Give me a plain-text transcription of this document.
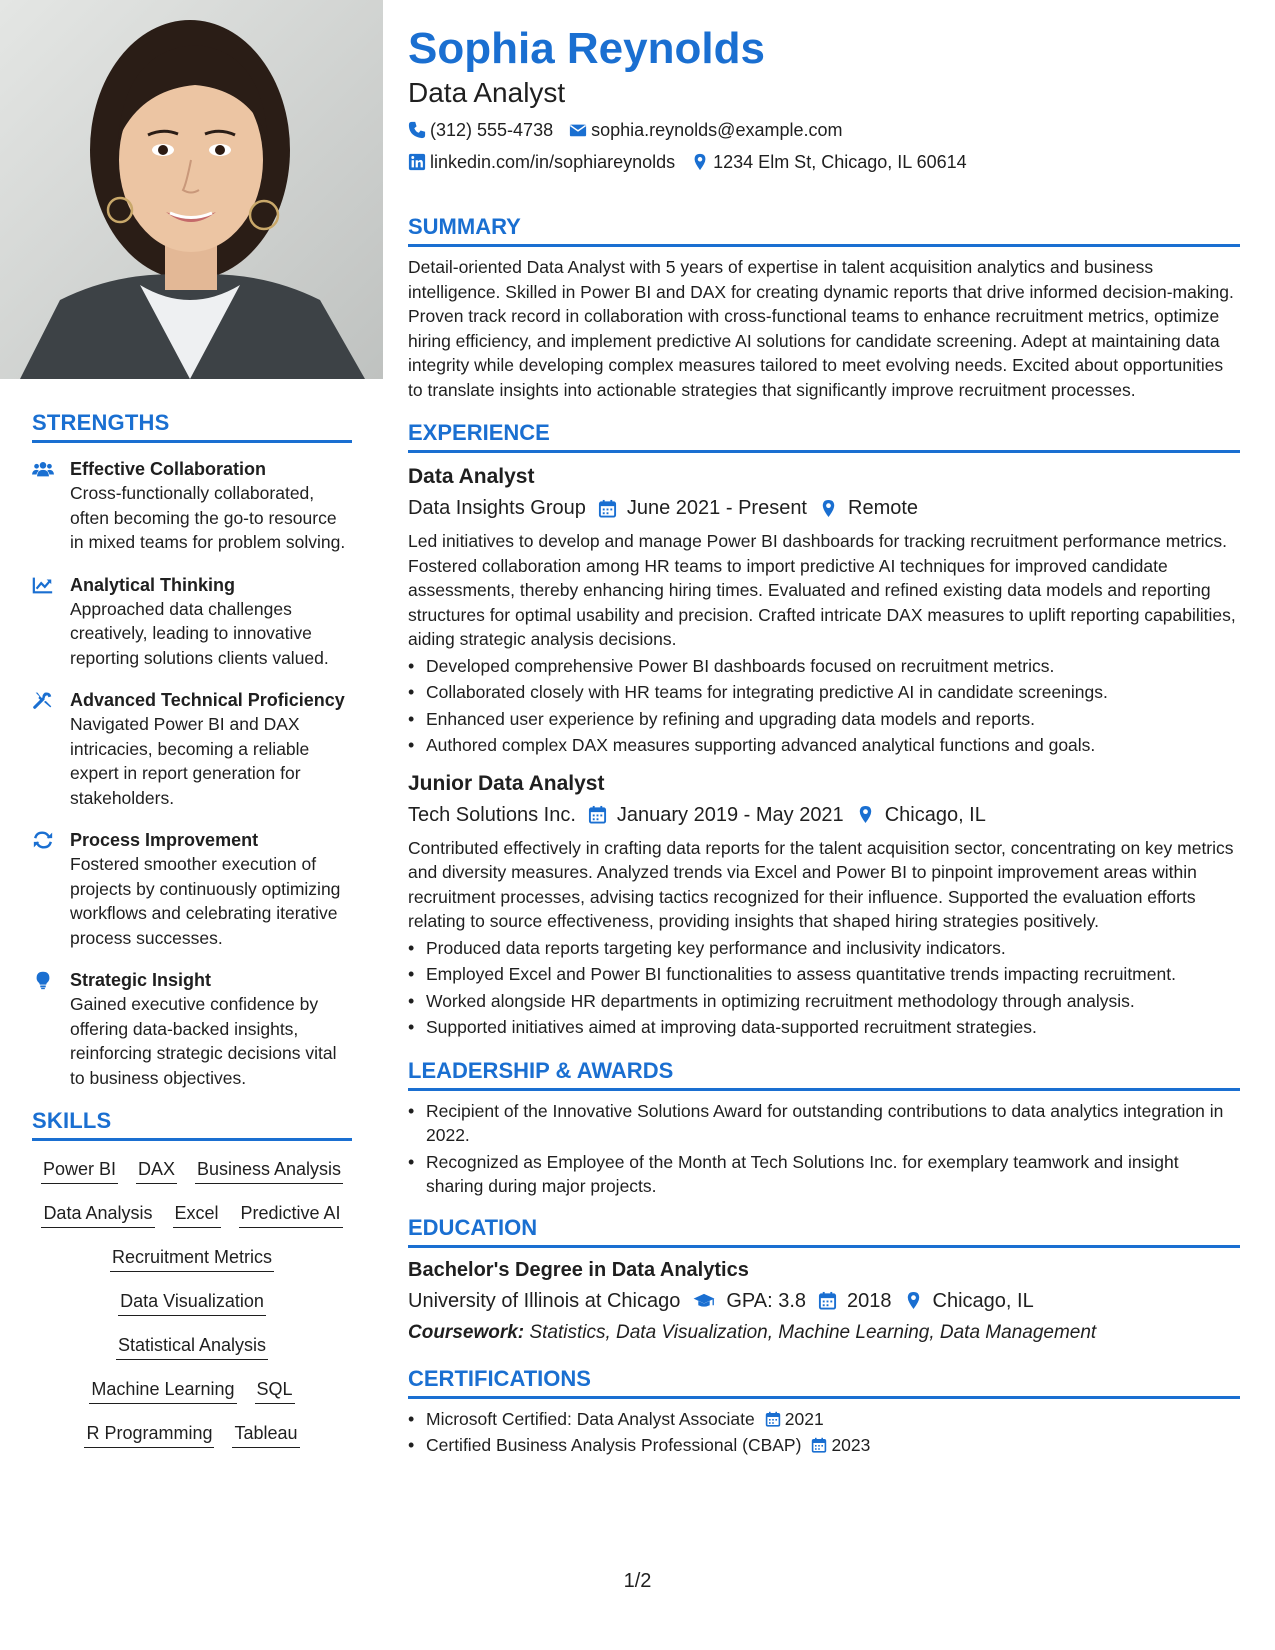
STRENGTHS
Effective Collaboration
Cross-functionally collaborated, often becoming the go-to resource in mixed teams for problem solving.
Analytical Thinking
Approached data challenges creatively, leading to innovative reporting solutions clients valued.
Advanced Technical Proficiency
Navigated Power BI and DAX intricacies, becoming a reliable expert in report generation for stakeholders.
Process Improvement
Fostered smoother execution of projects by continuously optimizing workflows and celebrating iterative process successes.
Strategic Insight
Gained executive confidence by offering data-backed insights, reinforcing strategic decisions vital to business objectives.
SKILLS
Power BI DAX Business Analysis
Data Analysis Excel Predictive AI
Recruitment Metrics
Data Visualization
Statistical Analysis
Machine Learning SQL
R Programming Tableau
Sophia Reynolds
Data Analyst
(312) 555-4738 sophia.reynolds@example.com
linkedin.com/in/sophiareynolds 1234 Elm St, Chicago, IL 60614
SUMMARY
Detail-oriented Data Analyst with 5 years of expertise in talent acquisition analytics and business intelligence. Skilled in Power BI and DAX for creating dynamic reports that drive informed decision-making. Proven track record in collaboration with cross-functional teams to enhance recruitment metrics, optimize hiring efficiency, and implement predictive AI solutions for candidate screening. Adept at maintaining data integrity while developing complex measures tailored to meet evolving needs. Excited about opportunities to translate insights into actionable strategies that significantly improve recruitment processes.
EXPERIENCE
Data Analyst
Data Insights Group June 2021 - Present Remote
Led initiatives to develop and manage Power BI dashboards for tracking recruitment performance metrics. Fostered collaboration among HR teams to import predictive AI techniques for improved candidate assessments, thereby enhancing hiring times. Evaluated and refined existing data models and reporting structures for optimal usability and precision. Crafted intricate DAX measures to uplift reporting capabilities, aiding strategic analysis decisions.
• Developed comprehensive Power BI dashboards focused on recruitment metrics.
• Collaborated closely with HR teams for integrating predictive AI in candidate screenings.
• Enhanced user experience by refining and upgrading data models and reports.
• Authored complex DAX measures supporting advanced analytical functions and goals.
Junior Data Analyst
Tech Solutions Inc. January 2019 - May 2021 Chicago, IL
Contributed effectively in crafting data reports for the talent acquisition sector, concentrating on key metrics and diversity measures. Analyzed trends via Excel and Power BI to pinpoint improvement areas within recruitment processes, advising tactics recognized for their influence. Supported the evaluation efforts relating to source effectiveness, providing insights that shaped hiring strategies positively.
• Produced data reports targeting key performance and inclusivity indicators.
• Employed Excel and Power BI functionalities to assess quantitative trends impacting recruitment.
• Worked alongside HR departments in optimizing recruitment methodology through analysis.
• Supported initiatives aimed at improving data-supported recruitment strategies.
LEADERSHIP & AWARDS
• Recipient of the Innovative Solutions Award for outstanding contributions to data analytics integration in 2022.
• Recognized as Employee of the Month at Tech Solutions Inc. for exemplary teamwork and insight sharing during major projects.
EDUCATION
Bachelor's Degree in Data Analytics
University of Illinois at Chicago GPA: 3.8 2018 Chicago, IL
Coursework: Statistics, Data Visualization, Machine Learning, Data Management
CERTIFICATIONS
• Microsoft Certified: Data Analyst Associate 2021
• Certified Business Analysis Professional (CBAP) 2023
1/2
